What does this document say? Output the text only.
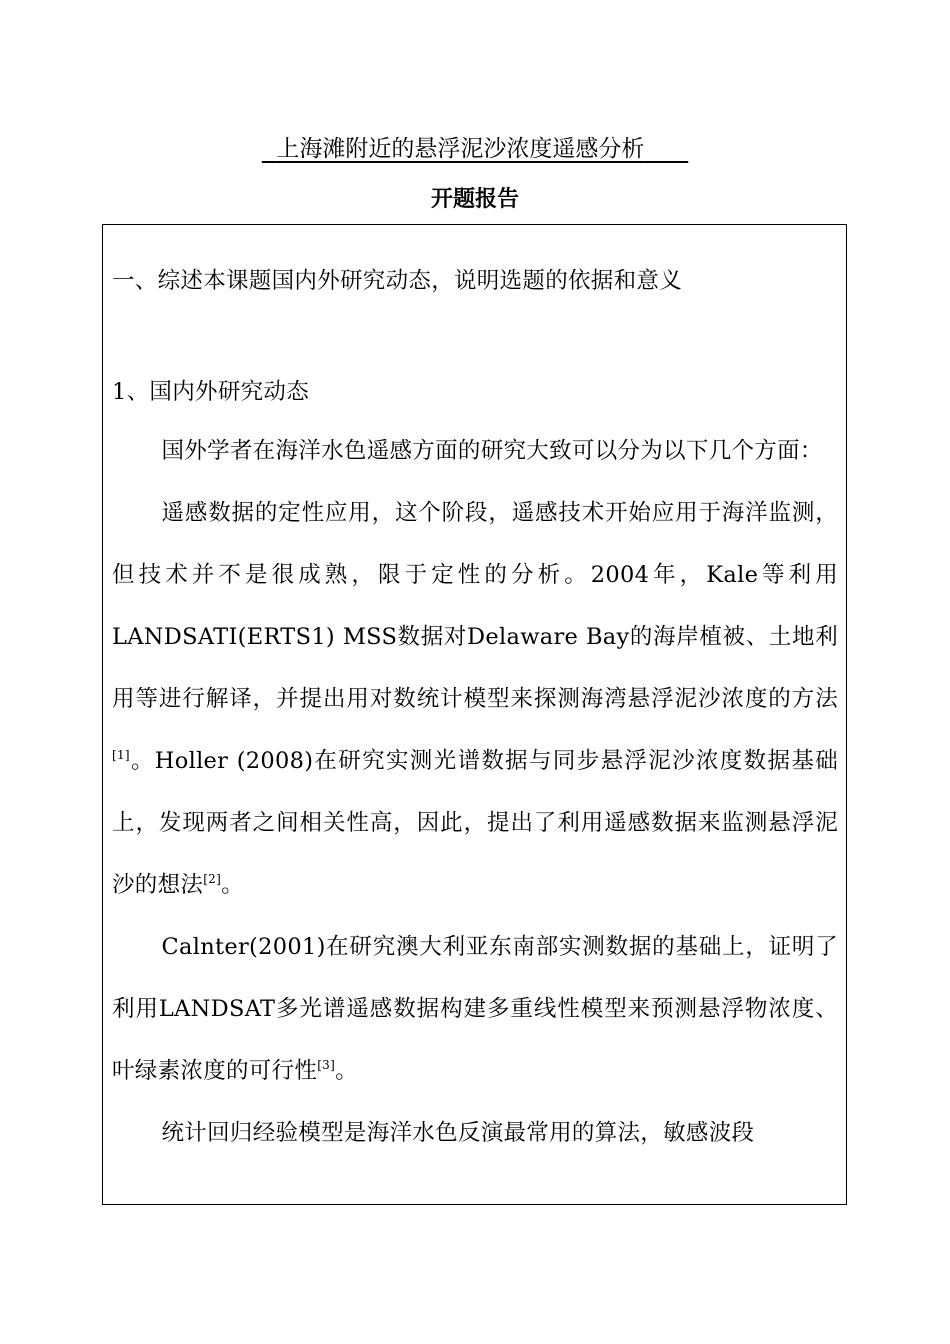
上海滩附近的悬浮泥沙浓度遥感分析
开题报告

一、综述本课题国内外研究动态，说明选题的依据和意义

1、国内外研究动态

国外学者在海洋水色遥感方面的研究大致可以分为以下几个方面：

遥感数据的定性应用，这个阶段，遥感技术开始应用于海洋监测，但技术并不是很成熟，限于定性的分析。2004年，Kale等利用LANDSATI(ERTS1) MSS数据对Delaware Bay的海岸植被、土地利用等进行解译，并提出用对数统计模型来探测海湾悬浮泥沙浓度的方法[1]。Holler (2008)在研究实测光谱数据与同步悬浮泥沙浓度数据基础上，发现两者之间相关性高，因此，提出了利用遥感数据来监测悬浮泥沙的想法[2]。

Calnter(2001)在研究澳大利亚东南部实测数据的基础上，证明了利用LANDSAT多光谱遥感数据构建多重线性模型来预测悬浮物浓度、叶绿素浓度的可行性[3]。

统计回归经验模型是海洋水色反演最常用的算法，敏感波段
